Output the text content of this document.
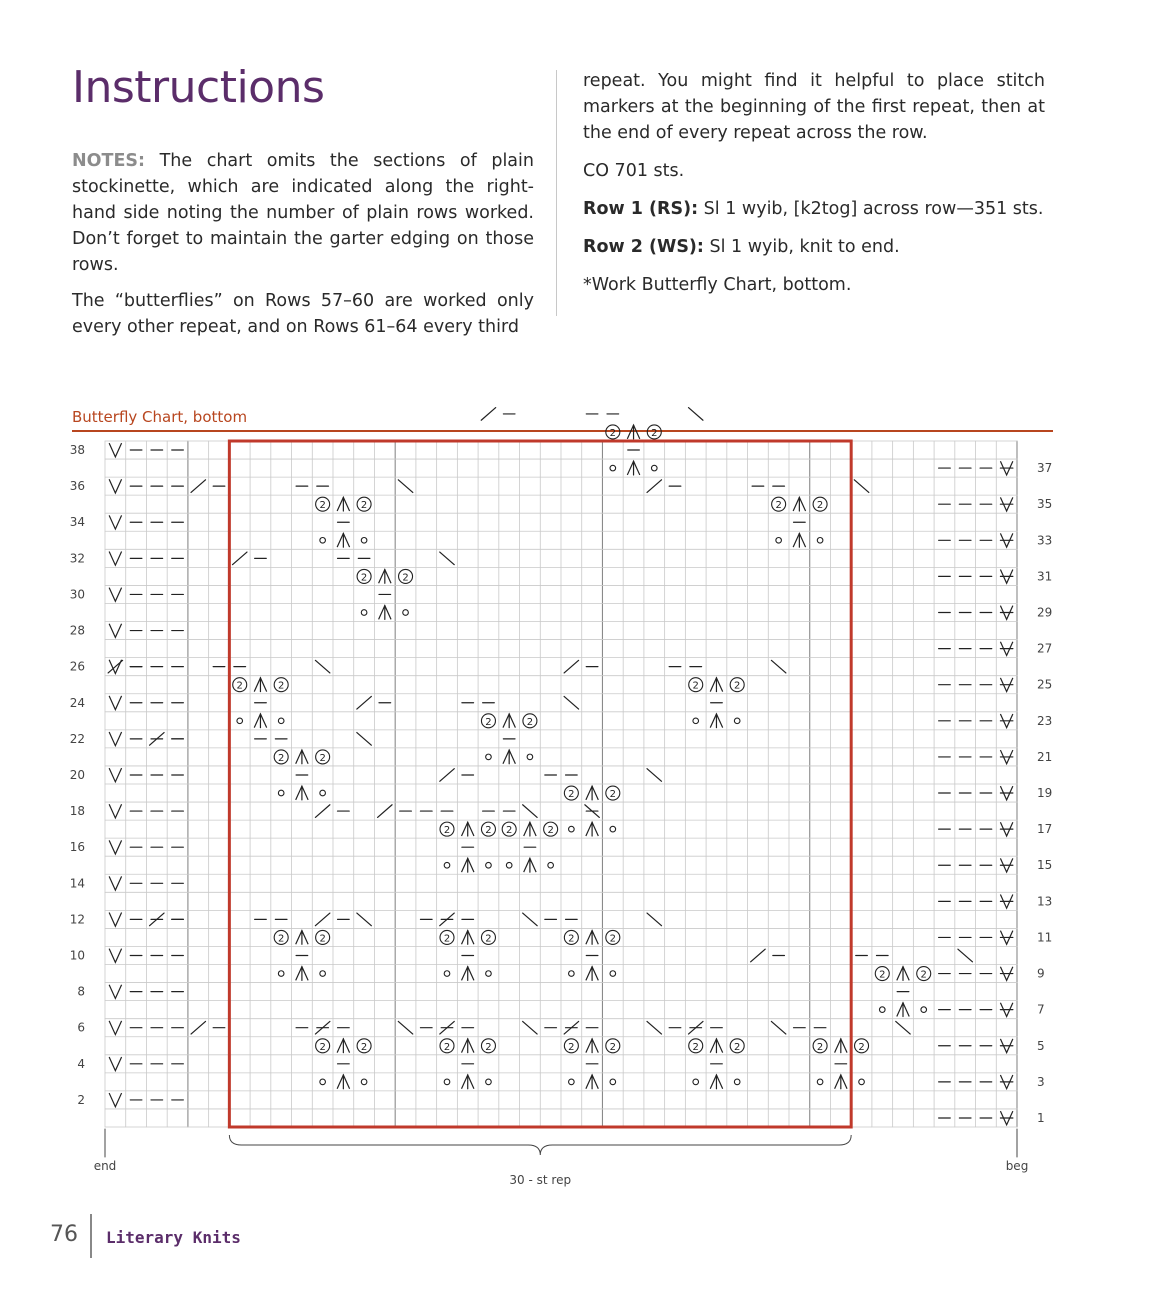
Instructions

NOTES: The chart omits the sections of plain stockinette, which are indicated along the right-hand side noting the number of plain rows worked. Don’t forget to maintain the garter edging on those rows.

The “butterflies” on Rows 57–60 are worked only every other repeat, and on Rows 61–64 every third

repeat. You might find it helpful to place stitch markers at the beginning of the first repeat, then at the end of every repeat across the row.

CO 701 sts.

Row 1 (RS): Sl 1 wyib, [k2tog] across row—351 sts.

Row 2 (WS): Sl 1 wyib, knit to end.

*Work Butterfly Chart, bottom.

Butterfly Chart, bottom
2	2
2	2
2	2
2	2
2	2
2	2
2	2
2	2
2	2
2	2
2	2
2	2
2	2
2	2
2	2
2	2
2	2
2	2
2	2
2	2
38
36
34
32
30
28
26
24
22
20
18
16
14
12
10
8
6
4
2
37
35
33
31
29
27
25
23
21
19
17
15
13
11
9
7
5
3
1
end	beg
30 - st rep
76 Literary Knits
